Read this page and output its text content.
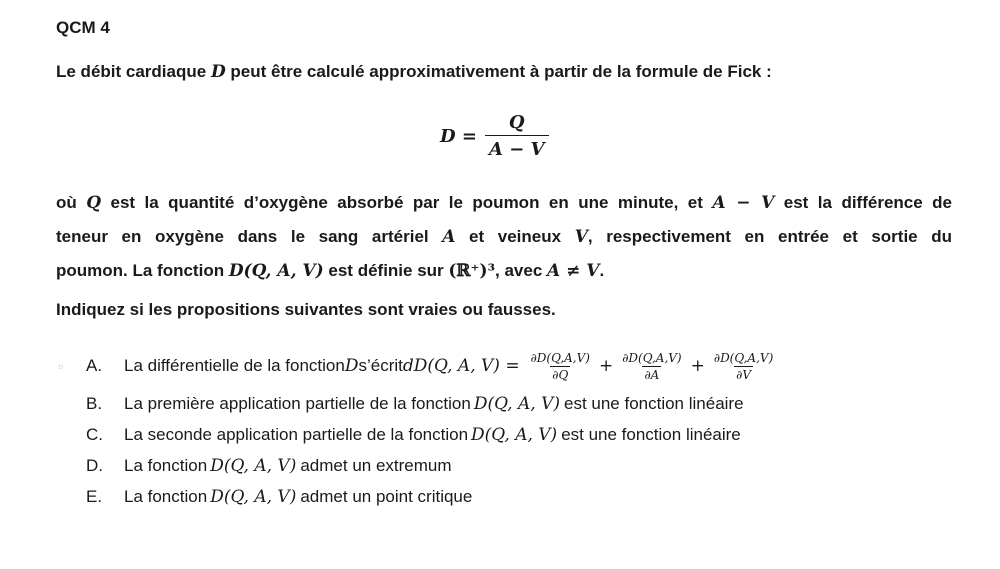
QCM 4
Le débit cardiaque D peut être calculé approximativement à partir de la formule de Fick :
$D = \frac{Q}{A - V}$
où Q est la quantité d’oxygène absorbé par le poumon en une minute, et A − V est la différence de
teneur en oxygène dans le sang artériel A et veineux V, respectivement en entrée et sortie du
poumon. La fonction D(Q, A, V) est définie sur (ℝ⁺)³, avec A ≠ V.
Indiquez si les propositions suivantes sont vraies ou fausses.
▫ A.	La différentielle de la fonction D s’écrit dD(Q, A, $V) = \frac{\partial D(Q,A,V)}{\partial Q} + \frac{\partial D(Q,A,V)}{\partial A} + \frac{\partial D(Q,A,V)}{\partial V}$
B.	La première application partielle de la fonction D(Q, A, V) est une fonction linéaire
C.	La seconde application partielle de la fonction D(Q, A, V) est une fonction linéaire
D.	La fonction D(Q, A, V) admet un extremum
E.	La fonction D(Q, A, V) admet un point critique
